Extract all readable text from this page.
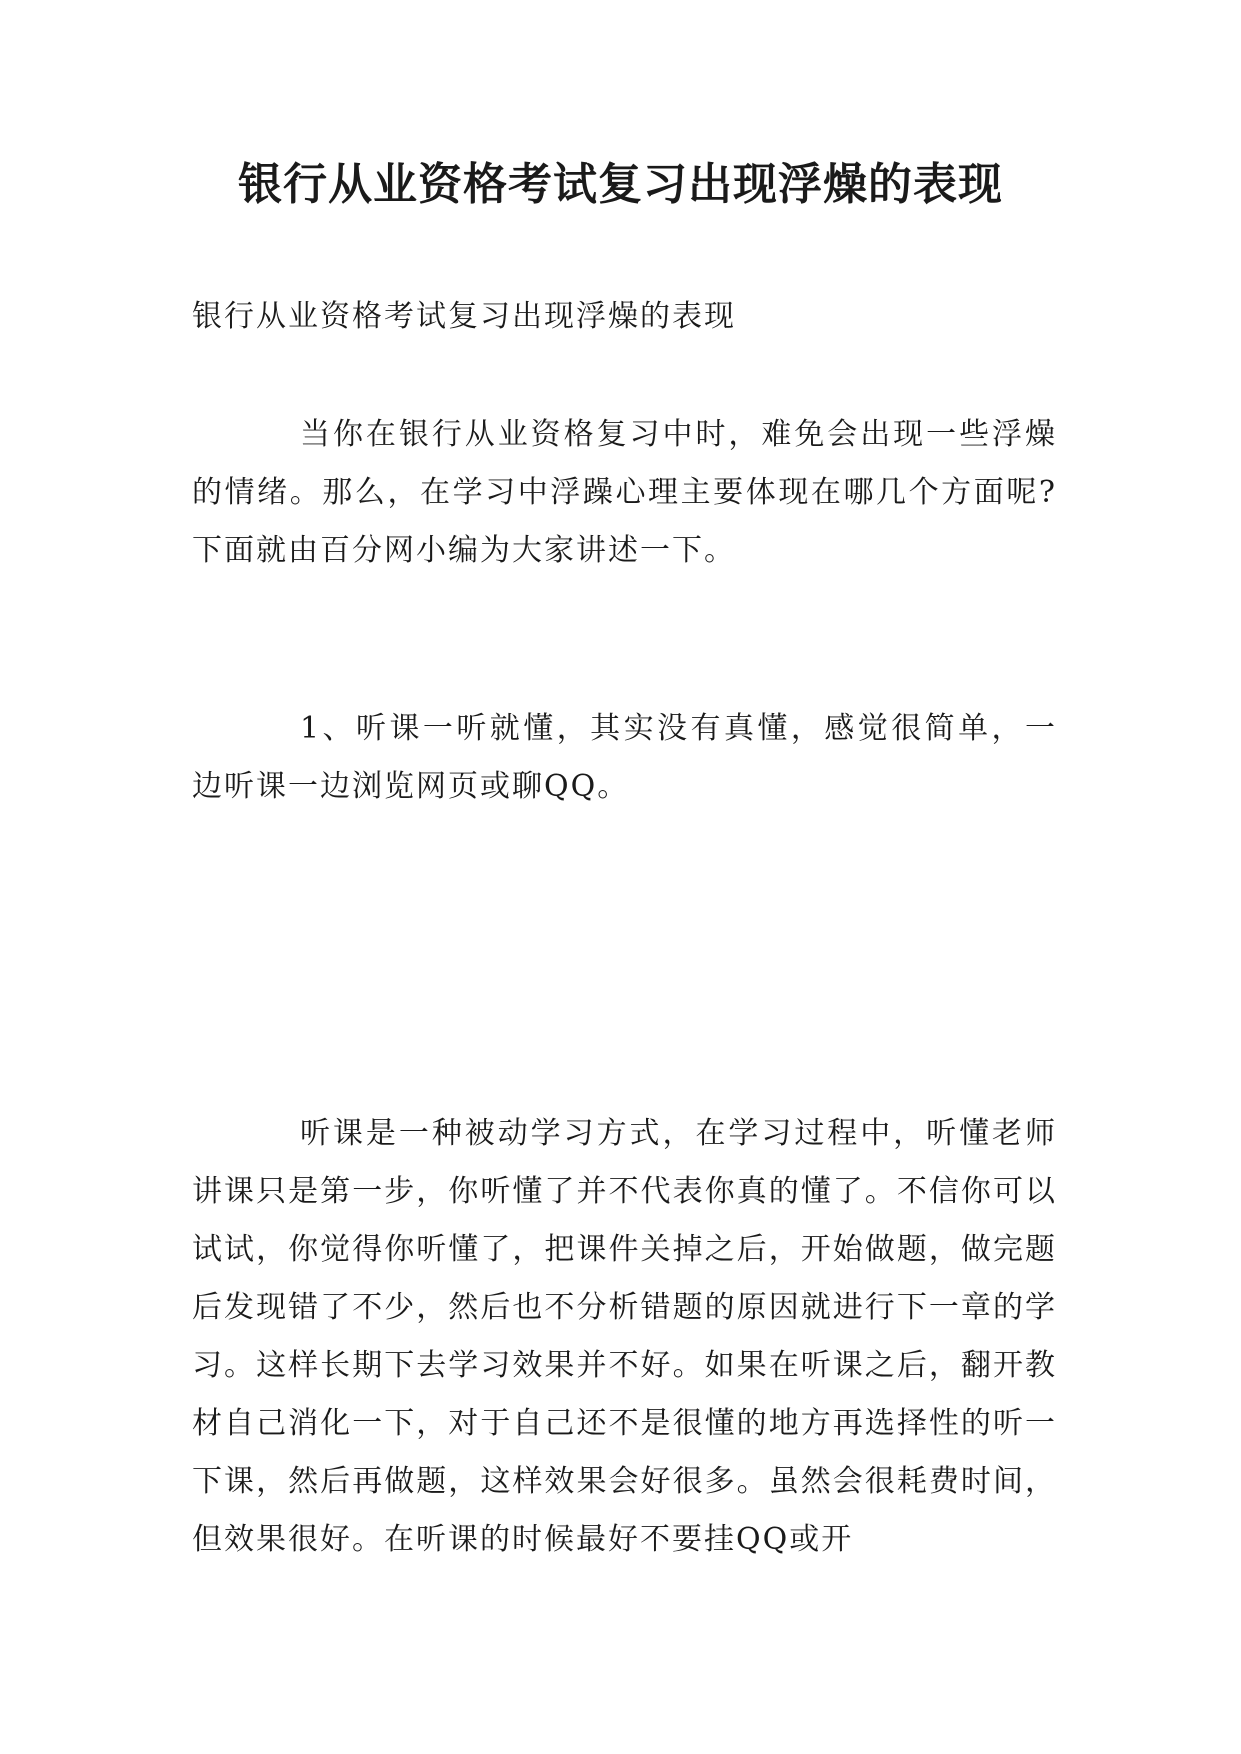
银行从业资格考试复习出现浮燥的表现
银行从业资格考试复习出现浮燥的表现

当你在银行从业资格复习中时，难免会出现一些浮燥的情绪。那么，在学习中浮躁心理主要体现在哪几个方面呢?下面就由百分网小编为大家讲述一下。

1、听课一听就懂，其实没有真懂，感觉很简单，一边听课一边浏览网页或聊QQ。

听课是一种被动学习方式，在学习过程中，听懂老师讲课只是第一步，你听懂了并不代表你真的懂了。不信你可以试试，你觉得你听懂了，把课件关掉之后，开始做题，做完题后发现错了不少，然后也不分析错题的原因就进行下一章的学习。这样长期下去学习效果并不好。如果在听课之后，翻开教材自己消化一下，对于自己还不是很懂的地方再选择性的听一下课，然后再做题，这样效果会好很多。虽然会很耗费时间，但效果很好。在听课的时候最好不要挂QQ或开
